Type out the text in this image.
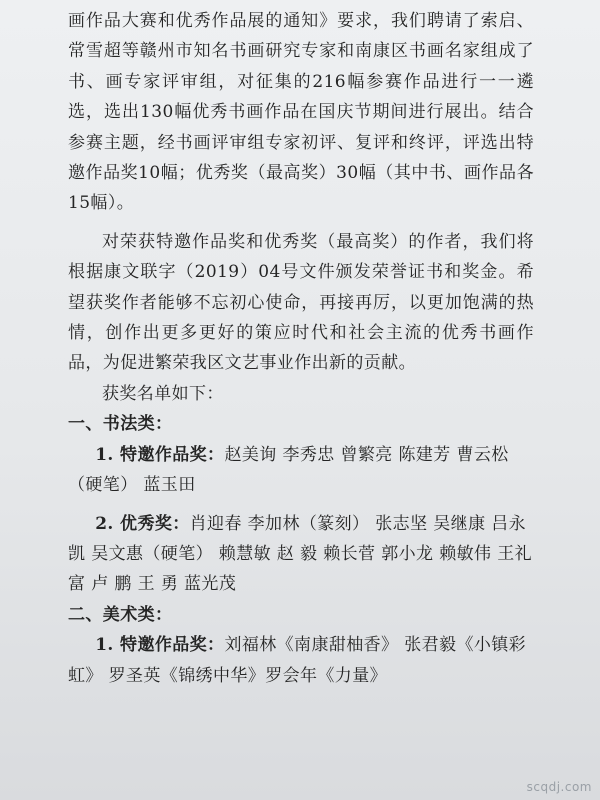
画作品大赛和优秀作品展的通知》要求，我们聘请了索启、常雪超等赣州市知名书画研究专家和南康区书画名家组成了书、画专家评审组，对征集的216幅参赛作品进行一一遴选，选出130幅优秀书画作品在国庆节期间进行展出。结合参赛主题，经书画评审组专家初评、复评和终评，评选出特邀作品奖10幅；优秀奖（最高奖）30幅（其中书、画作品各15幅）。

对荣获特邀作品奖和优秀奖（最高奖）的作者，我们将根据康文联字（2019）04号文件颁发荣誉证书和奖金。希望获奖作者能够不忘初心使命，再接再厉，以更加饱满的热情，创作出更多更好的策应时代和社会主流的优秀书画作品，为促进繁荣我区文艺事业作出新的贡献。

获奖名单如下：

一、书法类：

1. 特邀作品奖：赵美询 李秀忠 曾繁亮 陈建芳 曹云松（硬笔） 蓝玉田

2. 优秀奖：肖迎春 李加林（篆刻） 张志坚 吴继康 吕永凯 吴文惠（硬笔） 赖慧敏 赵 毅 赖长菅 郭小龙 赖敏伟 王礼富 卢 鹏 王 勇 蓝光茂

二、美术类：

1. 特邀作品奖：刘福林《南康甜柚香》 张君毅《小镇彩虹》 罗圣英《锦绣中华》罗会年《力量》

scqdj.com
